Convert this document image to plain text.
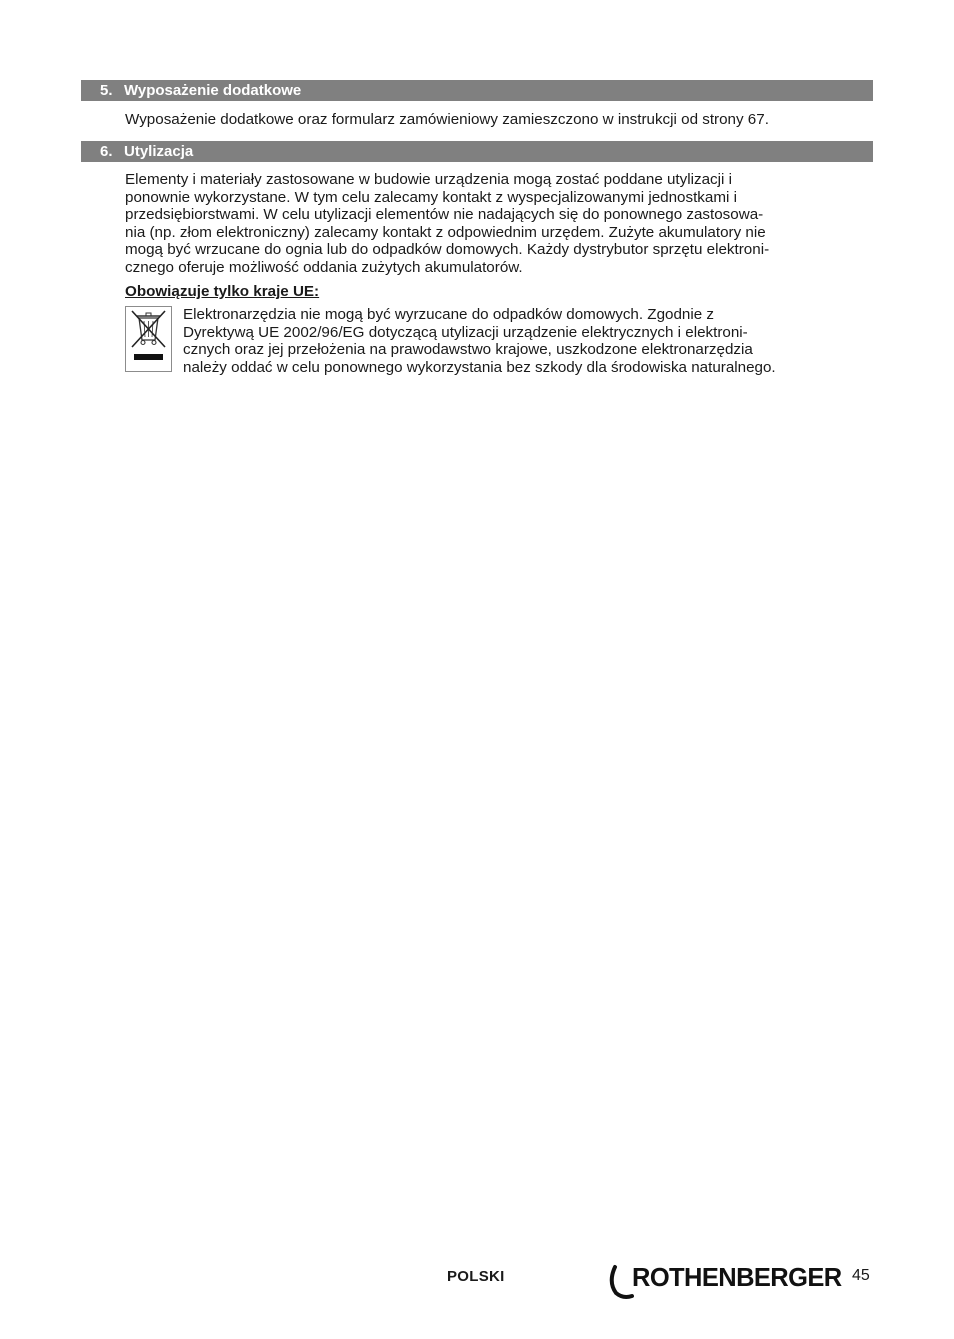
5. Wyposażenie dodatkowe
Wyposażenie dodatkowe oraz formularz zamówieniowy zamieszczono w instrukcji od strony 67.
6. Utylizacja
Elementy i materiały zastosowane w budowie urządzenia mogą zostać poddane utylizacji i
ponownie wykorzystane. W tym celu zalecamy kontakt z wyspecjalizowanymi jednostkami i
przedsiębiorstwami. W celu utylizacji elementów nie nadających się do ponownego zastosowa-
nia (np. złom elektroniczny) zalecamy kontakt z odpowiednim urzędem. Zużyte akumulatory nie
mogą być wrzucane do ognia lub do odpadków domowych. Każdy dystrybutor sprzętu elektroni-
cznego oferuje możliwość oddania zużytych akumulatorów.
Obowiązuje tylko kraje UE:
Elektronarzędzia nie mogą być wyrzucane do odpadków domowych. Zgodnie z
Dyrektywą UE 2002/96/EG dotyczącą utylizacji urządzenie elektrycznych i elektroni-
cznych oraz jej przełożenia na prawodawstwo krajowe, uszkodzone elektronarzędzia
należy oddać w celu ponownego wykorzystania bez szkody dla środowiska naturalnego.
POLSKI	ROTHENBERGER 45
